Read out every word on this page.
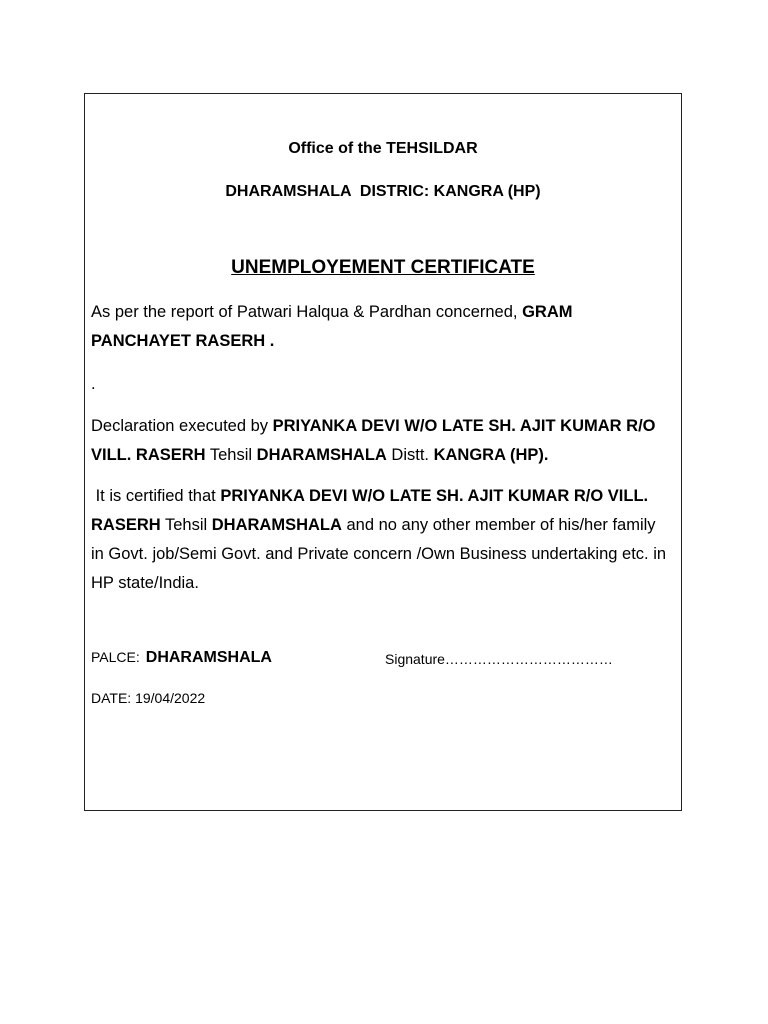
Office of the TEHSILDAR
DHARAMSHALA  DISTRIC: KANGRA (HP)
UNEMPLOYEMENT CERTIFICATE
As per the report of Patwari Halqua & Pardhan concerned, GRAM PANCHAYET RASERH .
.
Declaration executed by PRIYANKA DEVI W/O LATE SH. AJIT KUMAR R/O VILL. RASERH Tehsil DHARAMSHALA Distt. KANGRA (HP).
It is certified that PRIYANKA DEVI W/O LATE SH. AJIT KUMAR R/O VILL. RASERH Tehsil DHARAMSHALA and no any other member of his/her family in Govt. job/Semi Govt. and Private concern /Own Business undertaking etc. in HP state/India.
PALCE: DHARAMSHALA	Signature………………………………
DATE: 19/04/2022
